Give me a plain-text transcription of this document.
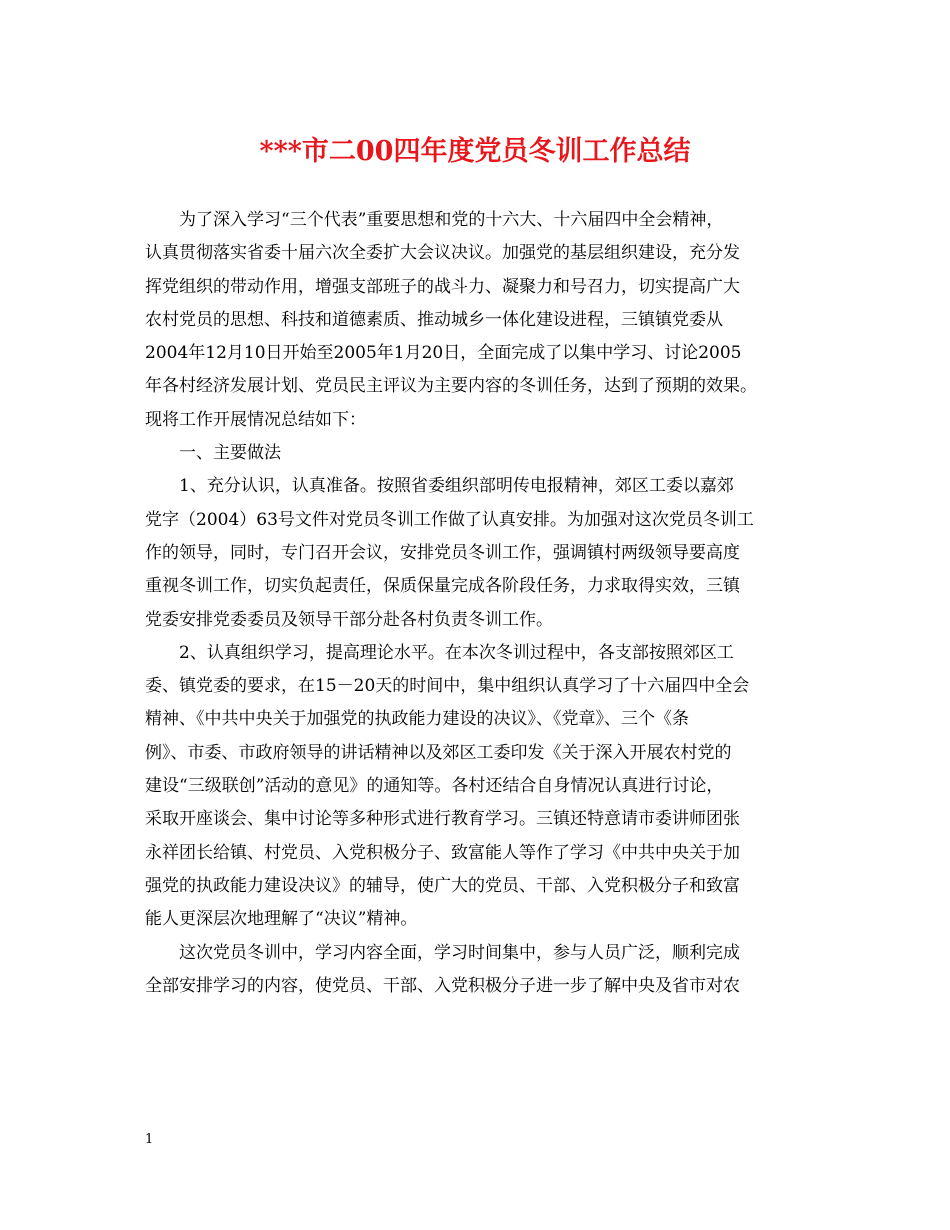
***市二00四年度党员冬训工作总结
为了深入学习“三个代表”重要思想和党的十六大、十六届四中全会精神，
认真贯彻落实省委十届六次全委扩大会议决议。加强党的基层组织建设，充分发
挥党组织的带动作用，增强支部班子的战斗力、凝聚力和号召力，切实提高广大
农村党员的思想、科技和道德素质、推动城乡一体化建设进程，三镇镇党委从
2004年12月10日开始至2005年1月20日，全面完成了以集中学习、讨论2005
年各村经济发展计划、党员民主评议为主要内容的冬训任务，达到了预期的效果。
现将工作开展情况总结如下：
一、主要做法
1、充分认识，认真准备。按照省委组织部明传电报精神，郊区工委以嘉郊
党字（2004）63号文件对党员冬训工作做了认真安排。为加强对这次党员冬训工
作的领导，同时，专门召开会议，安排党员冬训工作，强调镇村两级领导要高度
重视冬训工作，切实负起责任，保质保量完成各阶段任务，力求取得实效，三镇
党委安排党委委员及领导干部分赴各村负责冬训工作。
2、认真组织学习，提高理论水平。在本次冬训过程中，各支部按照郊区工
委、镇党委的要求，在15－20天的时间中，集中组织认真学习了十六届四中全会
精神、《中共中央关于加强党的执政能力建设的决议》、《党章》、三个《条
例》、市委、市政府领导的讲话精神以及郊区工委印发《关于深入开展农村党的
建设“三级联创”活动的意见》的通知等。各村还结合自身情况认真进行讨论，
采取开座谈会、集中讨论等多种形式进行教育学习。三镇还特意请市委讲师团张
永祥团长给镇、村党员、入党积极分子、致富能人等作了学习《中共中央关于加
强党的执政能力建设决议》的辅导，使广大的党员、干部、入党积极分子和致富
能人更深层次地理解了“决议”精神。
这次党员冬训中，学习内容全面，学习时间集中，参与人员广泛，顺利完成
全部安排学习的内容，使党员、干部、入党积极分子进一步了解中央及省市对农
1
